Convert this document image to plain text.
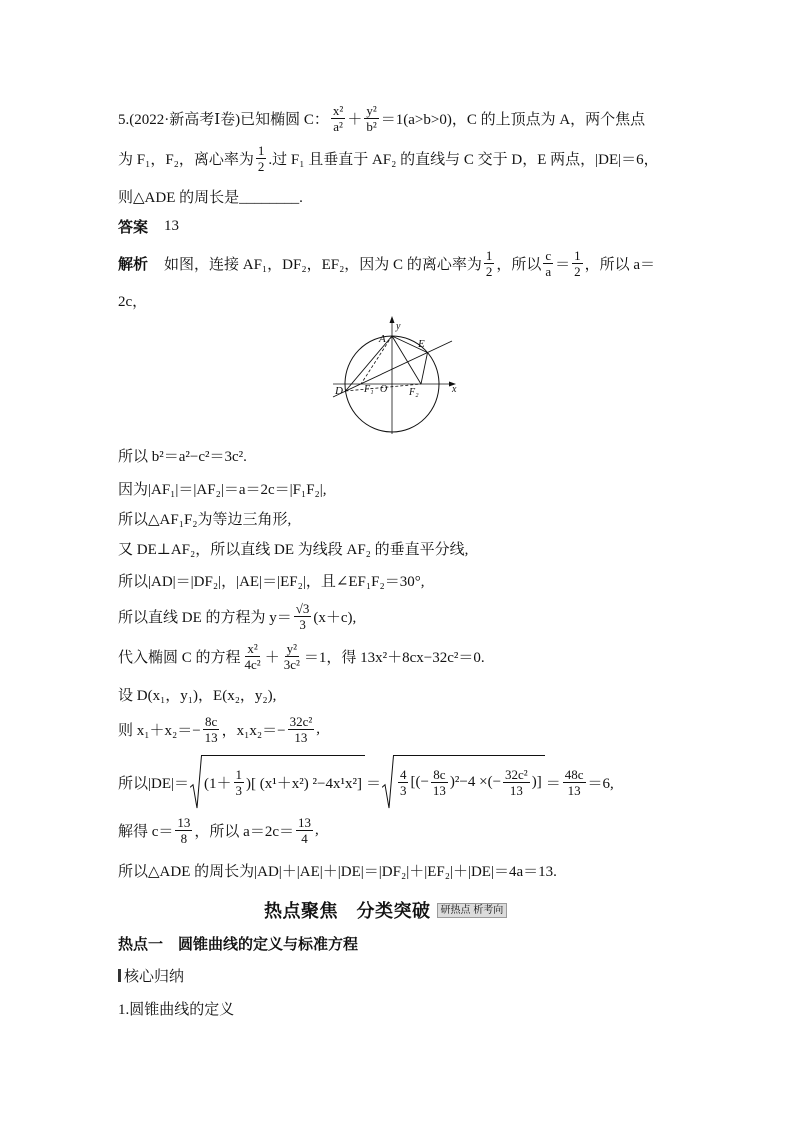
5.(2022·新高考Ⅰ卷)已知椭圆 C： $\frac{\text{x²}}{\text{a²}} + \frac{\text{y²}}{\text{b²}} =1(a>b>0)$，C 的上顶点为 A，两个焦点
为 F₁，F₂，离心率为 $\frac{1}{2}$ .过 F₁ 且垂直于 AF₂ 的直线与 C 交于 D，E 两点，|DE|＝6，
则△ADE 的周长是________.
答案 13
解析 如图，连接 AF₁，DF₂，EF₂，因为 C 的离心率为 $\frac{1}{2}$ ，所以 $\frac{c}{a} = \frac{1}{2}$ ，所以 a＝
2c，
A	E
y
D F₁ O F₂	x
所以 b²＝a²−c²＝3c².
因为|AF₁|＝|AF₂|＝a＝2c＝|F₁F₂|,
所以△AF₁F₂为等边三角形,
又 DE⊥AF₂，所以直线 DE 为线段 AF₂ 的垂直平分线,
所以|AD|＝|DF₂|，|AE|＝|EF₂|，且∠EF₁F₂＝30°,
所以直线 DE 的方程为 $y= \frac{√3}{3} (x+c)$,
代入椭圆 C 的方程 $\frac{\text{x²}}{\text{4c²}} + \frac{\text{y²}}{\text{3c²}} =1$，得 13x²＋8cx−32c²＝0.
设 D(x₁，y₁)，E(x₂，y₂),
则 $x_1+x_2=- \frac{8c}{13}$ ，$x_1x_2=- \frac{\text{32c²}}{13}$ ,
所以$|DE|= (1+ \frac{1}{3}$ )[ (x¹＋x²) $^2-4x^1x^2] = \frac{4}{3}$ [(− $\frac{8c}{13} )^2-4$ ×(− $\frac{\text{32c²}}{13}$ )] ＝ $\frac{48c}{13} =6$,
解得 $c= \frac{13}{8}$ ，所以 $a=2c= \frac{13}{4}$ ,
所以△ADE 的周长为|AD|＋|AE|＋|DE|＝|DF₂|＋|EF₂|＋|DE|＝4a＝13.
热点聚焦　分类突破	研热点 析考向
热点一　圆锥曲线的定义与标准方程
核心归纳
1.圆锥曲线的定义
